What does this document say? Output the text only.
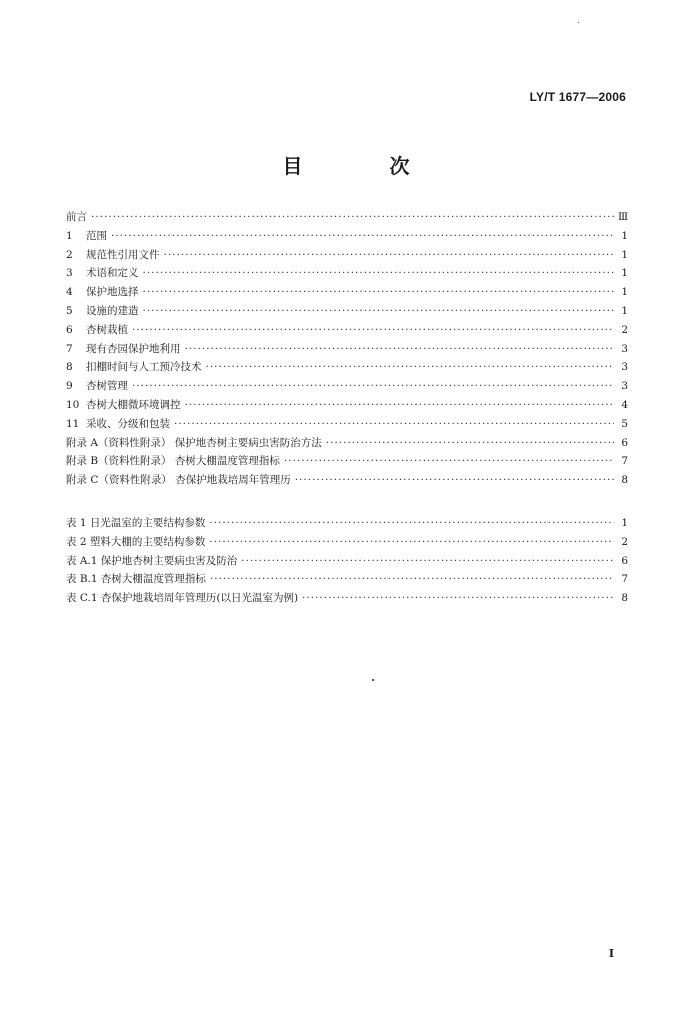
LY/T 1677—2006
目 次
前言 ·····	Ⅲ
1 范围 ·····	1
2 规范性引用文件 ·····	1
3 术语和定义 ·····	1
4 保护地选择 ·····	1
5 设施的建造 ·····	1
6 杏树栽植 ·····	2
7 现有杏园保护地利用 ·····	3
8 扣棚时间与人工预冷技术 ·····	3
9 杏树管理 ·····	3
10 杏树大棚微环境调控 ·····	4
11 采收、分级和包装 ·····	5
附录 A（资料性附录） 保护地杏树主要病虫害防治方法 ·····	6
附录 B（资料性附录） 杏树大棚温度管理指标 ·····	7
附录 C（资料性附录） 杏保护地栽培周年管理历 ·····	8
表 1 日光温室的主要结构参数 ·····	1
表 2 塑料大棚的主要结构参数 ·····	2
表 A.1 保护地杏树主要病虫害及防治 ·····	6
表 B.1 杏树大棚温度管理指标 ·····	7
表 C.1 杏保护地栽培周年管理历(以日光温室为例) ·····	8
I
